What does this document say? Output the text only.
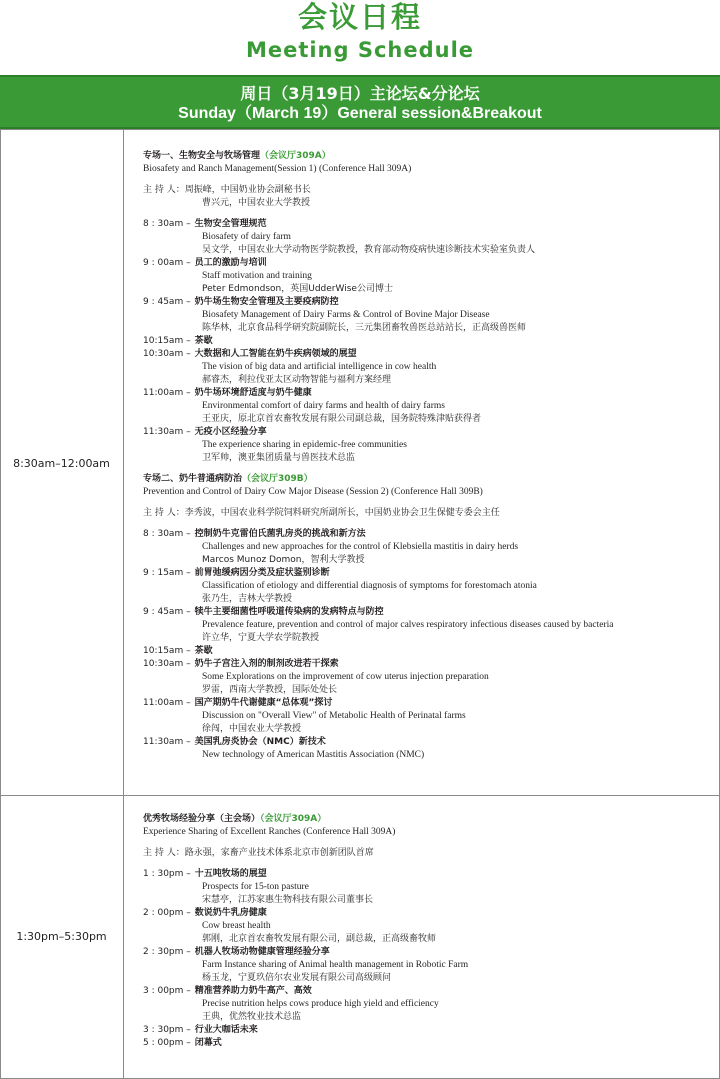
会议日程
Meeting Schedule
周日（3月19日）主论坛&分论坛
Sunday（March 19）General session&Breakout
8:30am–12:00am
专场一、生物安全与牧场管理（会议厅309A）
Biosafety and Ranch Management(Session 1) (Conference Hall 309A)
主 持 人：周振峰，中国奶业协会副秘书长
曹兴元，中国农业大学教授
8 : 30am – 生物安全管理规范
Biosafety of dairy farm
吴文学，中国农业大学动物医学院教授，教育部动物疫病快速诊断技术实验室负责人
9 : 00am – 员工的激励与培训
Staff motivation and training
Peter Edmondson，英国UdderWise公司博士
9 : 45am – 奶牛场生物安全管理及主要疫病防控
Biosafety Management of Dairy Farms & Control of Bovine Major Disease
陈华林，北京食品科学研究院副院长，三元集团畜牧兽医总站站长，正高级兽医师
10:15am – 茶歇
10:30am – 大数据和人工智能在奶牛疾病领域的展望
The vision of big data and artificial intelligence in cow health
郝睿杰，利拉伐亚太区动物智能与福利方案经理
11:00am – 奶牛场环境舒适度与奶牛健康
Environmental comfort of dairy farms and health of dairy farms
王亚庆，原北京首农畜牧发展有限公司副总裁，国务院特殊津贴获得者
11:30am – 无疫小区经验分享
The experience sharing in epidemic-free communities
卫军帅，澳亚集团质量与兽医技术总监
专场二、奶牛普通病防治（会议厅309B）
Prevention and Control of Dairy Cow Major Disease (Session 2) (Conference Hall 309B)
主 持 人：李秀波，中国农业科学院饲料研究所副所长，中国奶业协会卫生保健专委会主任
8 : 30am – 控制奶牛克雷伯氏菌乳房炎的挑战和新方法
Challenges and new approaches for the control of Klebsiella mastitis in dairy herds
Marcos Munoz Domon，智利大学教授
9 : 15am – 前胃弛缓病因分类及症状鉴别诊断
Classification of etiology and differential diagnosis of symptoms for forestomach atonia
张乃生，吉林大学教授
9 : 45am – 犊牛主要细菌性呼吸道传染病的发病特点与防控
Prevalence feature, prevention and control of major calves respiratory infectious diseases caused by bacteria
许立华，宁夏大学农学院教授
10:15am – 茶歇
10:30am – 奶牛子宫注入剂的制剂改进若干探索
Some Explorations on the improvement of cow uterus injection preparation
罗雷，西南大学教授，国际处处长
11:00am – 国产期奶牛代谢健康“总体观”探讨
Discussion on "Overall View" of Metabolic Health of Perinatal farms
徐闯，中国农业大学教授
11:30am – 美国乳房炎协会（NMC）新技术
New technology of American Mastitis Association (NMC)
1:30pm–5:30pm
优秀牧场经验分享（主会场）（会议厅309A）
Experience Sharing of Excellent Ranches (Conference Hall 309A)
主 持 人：路永强，家畜产业技术体系北京市创新团队首席
1 : 30pm – 十五吨牧场的展望
Prospects for 15-ton pasture
宋慧亭，江苏家惠生物科技有限公司董事长
2 : 00pm – 数说奶牛乳房健康
Cow breast health
郭刚，北京首农畜牧发展有限公司，副总裁，正高级畜牧师
2 : 30pm – 机器人牧场动物健康管理经验分享
Farm Instance sharing of Animal health management in Robotic Farm
杨玉龙，宁夏玖倍尔农业发展有限公司高级顾问
3 : 00pm – 精准营养助力奶牛高产、高效
Precise nutrition helps cows produce high yield and efficiency
王典，优然牧业技术总监
3 : 30pm – 行业大咖话未来
5 : 00pm – 闭幕式
